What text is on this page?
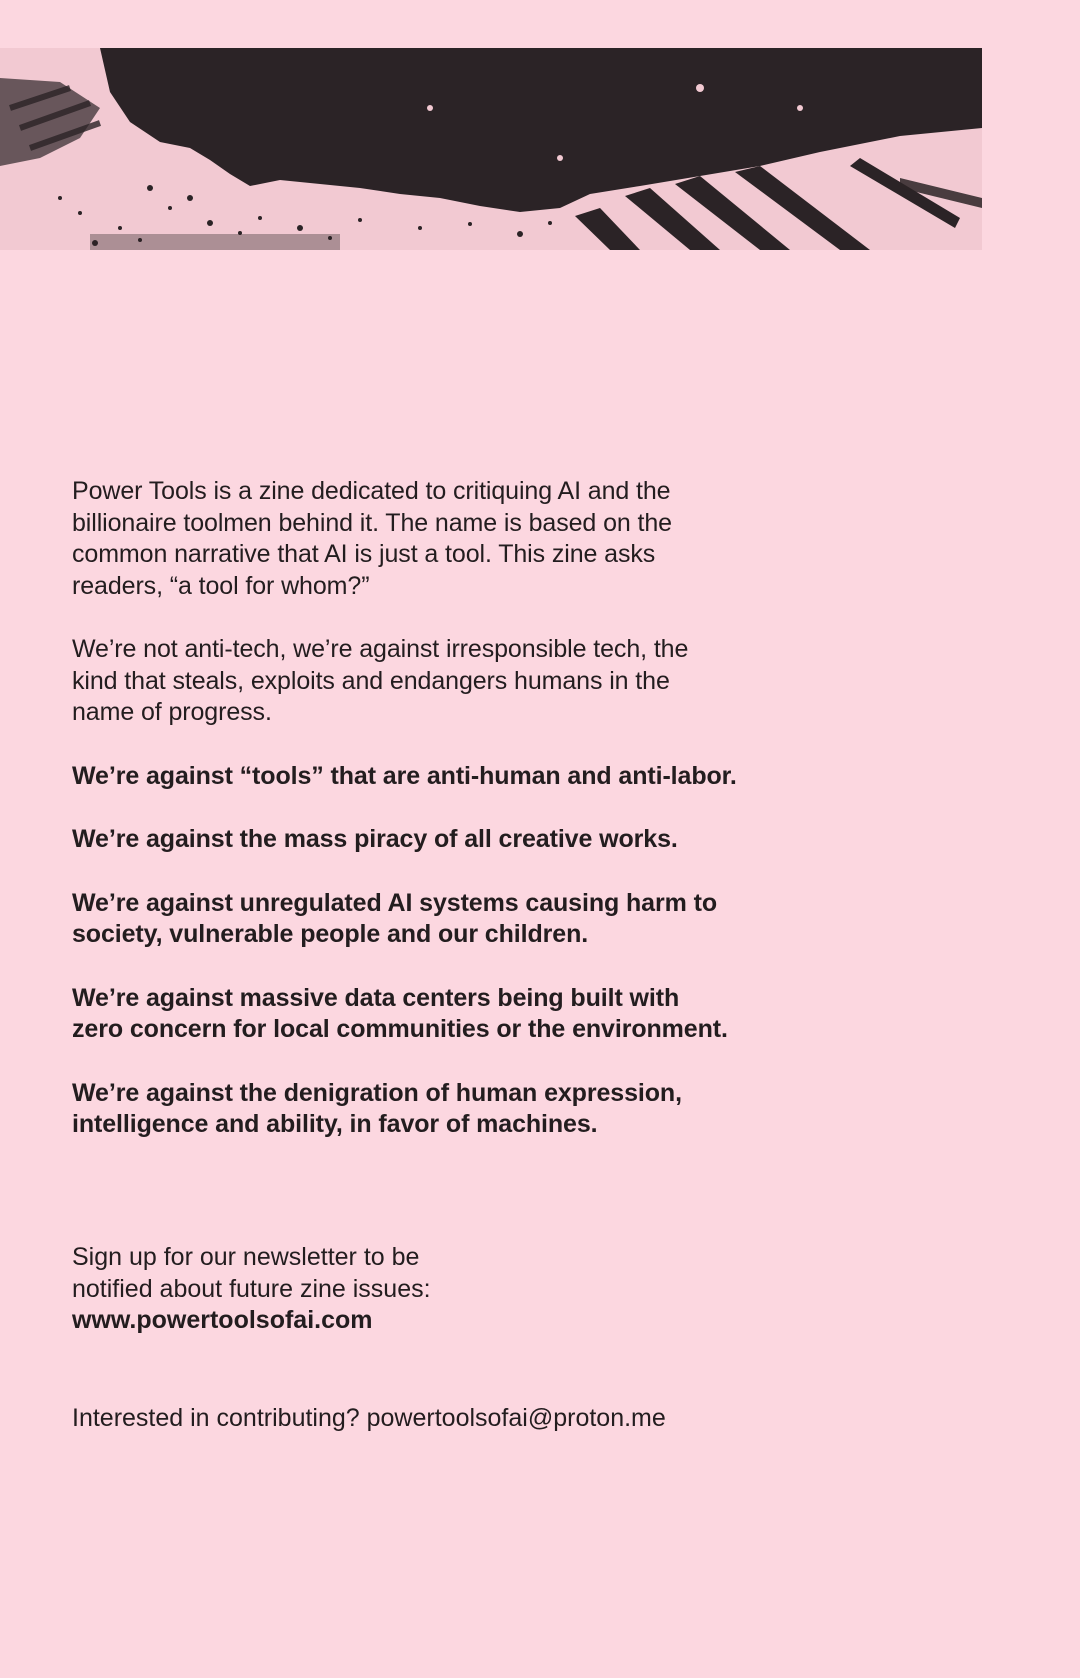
Power Tools is a zine dedicated to critiquing AI and the
billionaire toolmen behind it. The name is based on the
common narrative that AI is just a tool. This zine asks
readers, “a tool for whom?”

We’re not anti-tech, we’re against irresponsible tech, the
kind that steals, exploits and endangers humans in the
name of progress.

We’re against “tools” that are anti-human and anti-labor.

We’re against the mass piracy of all creative works.

We’re against unregulated AI systems causing harm to
society, vulnerable people and our children.

We’re against massive data centers being built with
zero concern for local communities or the environment.

We’re against the denigration of human expression,
intelligence and ability, in favor of machines.

Sign up for our newsletter to be
notified about future zine issues:
www.powertoolsofai.com

Interested in contributing? powertoolsofai@proton.me
